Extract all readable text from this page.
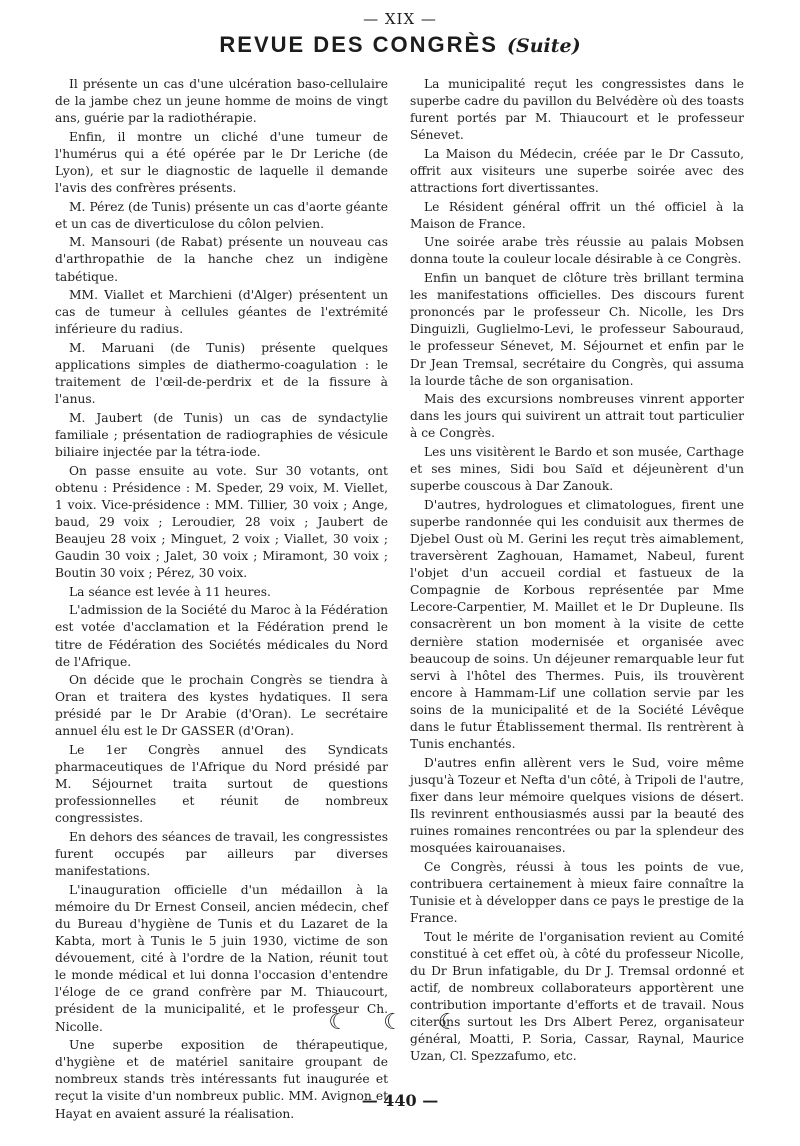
— XIX —
REVUE DES CONGRÈS (Suite)

Il présente un cas d'une ulcération baso-cellulaire de la jambe chez un jeune homme de moins de vingt ans, guérie par la radiothérapie.

Enfin, il montre un cliché d'une tumeur de l'humérus qui a été opérée par le Dr Leriche (de Lyon), et sur le diagnostic de laquelle il demande l'avis des confrères présents.

M. Pérez (de Tunis) présente un cas d'aorte géante et un cas de diverticulose du côlon pelvien.

M. Mansouri (de Rabat) présente un nouveau cas d'arthropathie de la hanche chez un indigène tabétique.

MM. Viallet et Marchieni (d'Alger) présentent un cas de tumeur à cellules géantes de l'extrémité inférieure du radius.

M. Maruani (de Tunis) présente quelques applications simples de diathermo-coagulation : le traitement de l'œil-de-perdrix et de la fissure à l'anus.

M. Jaubert (de Tunis) un cas de syndactylie familiale ; présentation de radiographies de vésicule biliaire injectée par la tétra-iode.

On passe ensuite au vote. Sur 30 votants, ont obtenu : Présidence : M. Speder, 29 voix, M. Viellet, 1 voix. Vice-présidence : MM. Tillier, 30 voix ; Ange, baud, 29 voix ; Leroudier, 28 voix ; Jaubert de Beaujeu 28 voix ; Minguet, 2 voix ; Viallet, 30 voix ; Gaudin 30 voix ; Jalet, 30 voix ; Miramont, 30 voix ; Boutin 30 voix ; Pérez, 30 voix.

La séance est levée à 11 heures.

L'admission de la Société du Maroc à la Fédération est votée d'acclamation et la Fédération prend le titre de Fédération des Sociétés médicales du Nord de l'Afrique.

On décide que le prochain Congrès se tiendra à Oran et traitera des kystes hydatiques. Il sera présidé par le Dr Arabie (d'Oran). Le secrétaire annuel élu est le Dr GASSER (d'Oran).

Le 1er Congrès annuel des Syndicats pharmaceutiques de l'Afrique du Nord présidé par M. Séjournet traita surtout de questions professionnelles et réunit de nombreux congressistes.

En dehors des séances de travail, les congressistes furent occupés par ailleurs par diverses manifestations.

L'inauguration officielle d'un médaillon à la mémoire du Dr Ernest Conseil, ancien médecin, chef du Bureau d'hygiène de Tunis et du Lazaret de la Kabta, mort à Tunis le 5 juin 1930, victime de son dévouement, cité à l'ordre de la Nation, réunit tout le monde médical et lui donna l'occasion d'entendre l'éloge de ce grand confrère par M. Thiaucourt, président de la municipalité, et le professeur Ch. Nicolle.

Une superbe exposition de thérapeutique, d'hygiène et de matériel sanitaire groupant de nombreux stands très intéressants fut inaugurée et reçut la visite d'un nombreux public. MM. Avignon et Hayat en avaient assuré la réalisation.

La municipalité reçut les congressistes dans le superbe cadre du pavillon du Belvédère où des toasts furent portés par M. Thiaucourt et le professeur Sénevet.

La Maison du Médecin, créée par le Dr Cassuto, offrit aux visiteurs une superbe soirée avec des attractions fort divertissantes.

Le Résident général offrit un thé officiel à la Maison de France.

Une soirée arabe très réussie au palais Mobsen donna toute la couleur locale désirable à ce Congrès.

Enfin un banquet de clôture très brillant termina les manifestations officielles. Des discours furent prononcés par le professeur Ch. Nicolle, les Drs Dinguizli, Guglielmo-Levi, le professeur Sabouraud, le professeur Sénevet, M. Séjournet et enfin par le Dr Jean Tremsal, secrétaire du Congrès, qui assuma la lourde tâche de son organisation.

Mais des excursions nombreuses vinrent apporter dans les jours qui suivirent un attrait tout particulier à ce Congrès.

Les uns visitèrent le Bardo et son musée, Carthage et ses mines, Sidi bou Saïd et déjeunèrent d'un superbe couscous à Dar Zanouk.

D'autres, hydrologues et climatologues, firent une superbe randonnée qui les conduisit aux thermes de Djebel Oust où M. Gerini les reçut très aimablement, traversèrent Zaghouan, Hamamet, Nabeul, furent l'objet d'un accueil cordial et fastueux de la Compagnie de Korbous représentée par Mme Lecore-Carpentier, M. Maillet et le Dr Dupleune. Ils consacrèrent un bon moment à la visite de cette dernière station modernisée et organisée avec beaucoup de soins. Un déjeuner remarquable leur fut servi à l'hôtel des Thermes. Puis, ils trouvèrent encore à Hammam-Lif une collation servie par les soins de la municipalité et de la Société Lévêque dans le futur Établissement thermal. Ils rentrèrent à Tunis enchantés.

D'autres enfin allèrent vers le Sud, voire même jusqu'à Tozeur et Nefta d'un côté, à Tripoli de l'autre, fixer dans leur mémoire quelques visions de désert. Ils revinrent enthousiasmés aussi par la beauté des ruines romaines rencontrées ou par la splendeur des mosquées kairouanaises.

Ce Congrès, réussi à tous les points de vue, contribuera certainement à mieux faire connaître la Tunisie et à développer dans ce pays le prestige de la France.

Tout le mérite de l'organisation revient au Comité constitué à cet effet où, à côté du professeur Nicolle, du Dr Brun infatigable, du Dr J. Tremsal ordonné et actif, de nombreux collaborateurs apportèrent une contribution importante d'efforts et de travail. Nous citerons surtout les Drs Albert Perez, organisateur général, Moatti, P. Soria, Cassar, Raynal, Maurice Uzan, Cl. Spezzafumo, etc.

☾ ☾ ☾
— 440 —
